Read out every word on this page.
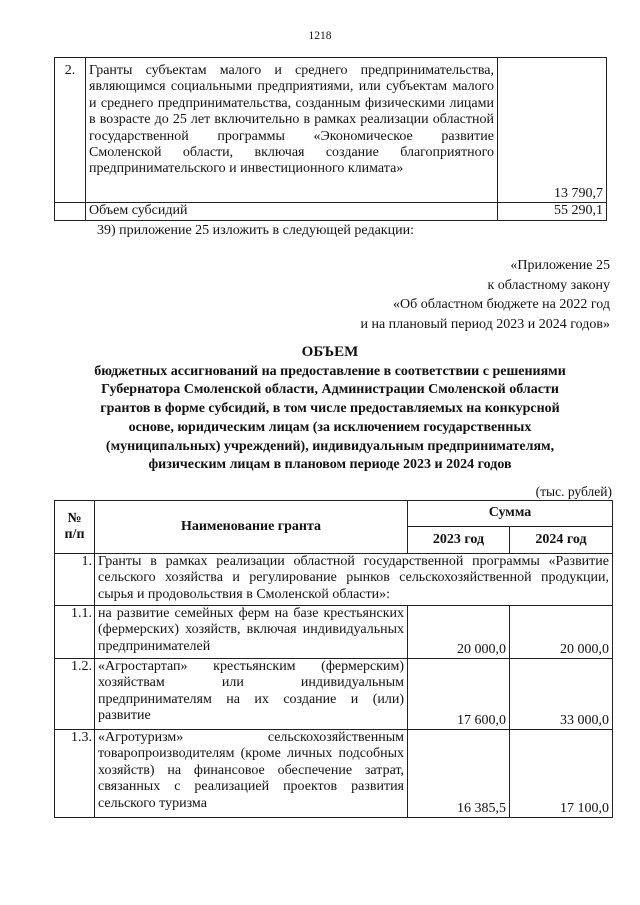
1218
2.	Гранты субъектам малого и среднего предпринимательства, являющимся социальными предприятиями, или субъектам малого и среднего предпринимательства, созданным физическими лицами в возрасте до 25 лет включительно в рамках реализации областной государственной программы «Экономическое развитие Смоленской области, включая создание благоприятного предпринимательского и инвестиционного климата»	13 790,7
	Объем субсидий	55 290,1
39) приложение 25 изложить в следующей редакции:
«Приложение 25
к областному закону
«Об областном бюджете на 2022 год
и на плановый период 2023 и 2024 годов»
ОБЪЕМ
бюджетных ассигнований на предоставление в соответствии с решениями
Губернатора Смоленской области, Администрации Смоленской области
грантов в форме субсидий, в том числе предоставляемых на конкурсной
основе, юридическим лицам (за исключением государственных
(муниципальных) учреждений), индивидуальным предпринимателям,
физическим лицам в плановом периоде 2023 и 2024 годов
(тыс. рублей)
№
п/п	Наименование гранта	Сумма	
		2023 год	2024 год
1.	Гранты в рамках реализации областной государственной программы «Развитие сельского хозяйства и регулирование рынков сельскохозяйственной продукции, сырья и продовольствия в Смоленской области»:		
1.1.	на развитие семейных ферм на базе крестьянских (фермерских) хозяйств, включая индивидуальных предпринимателей	20 000,0	20 000,0
1.2.	«Агростартап» крестьянским (фермерским) хозяйствам или индивидуальным предпринимателям на их создание и (или) развитие	17 600,0	33 000,0
1.3.	«Агротуризм» сельскохозяйственным товаропроизводителям (кроме личных подсобных хозяйств) на финансовое обеспечение затрат, связанных с реализацией проектов развития сельского туризма	16 385,5	17 100,0
